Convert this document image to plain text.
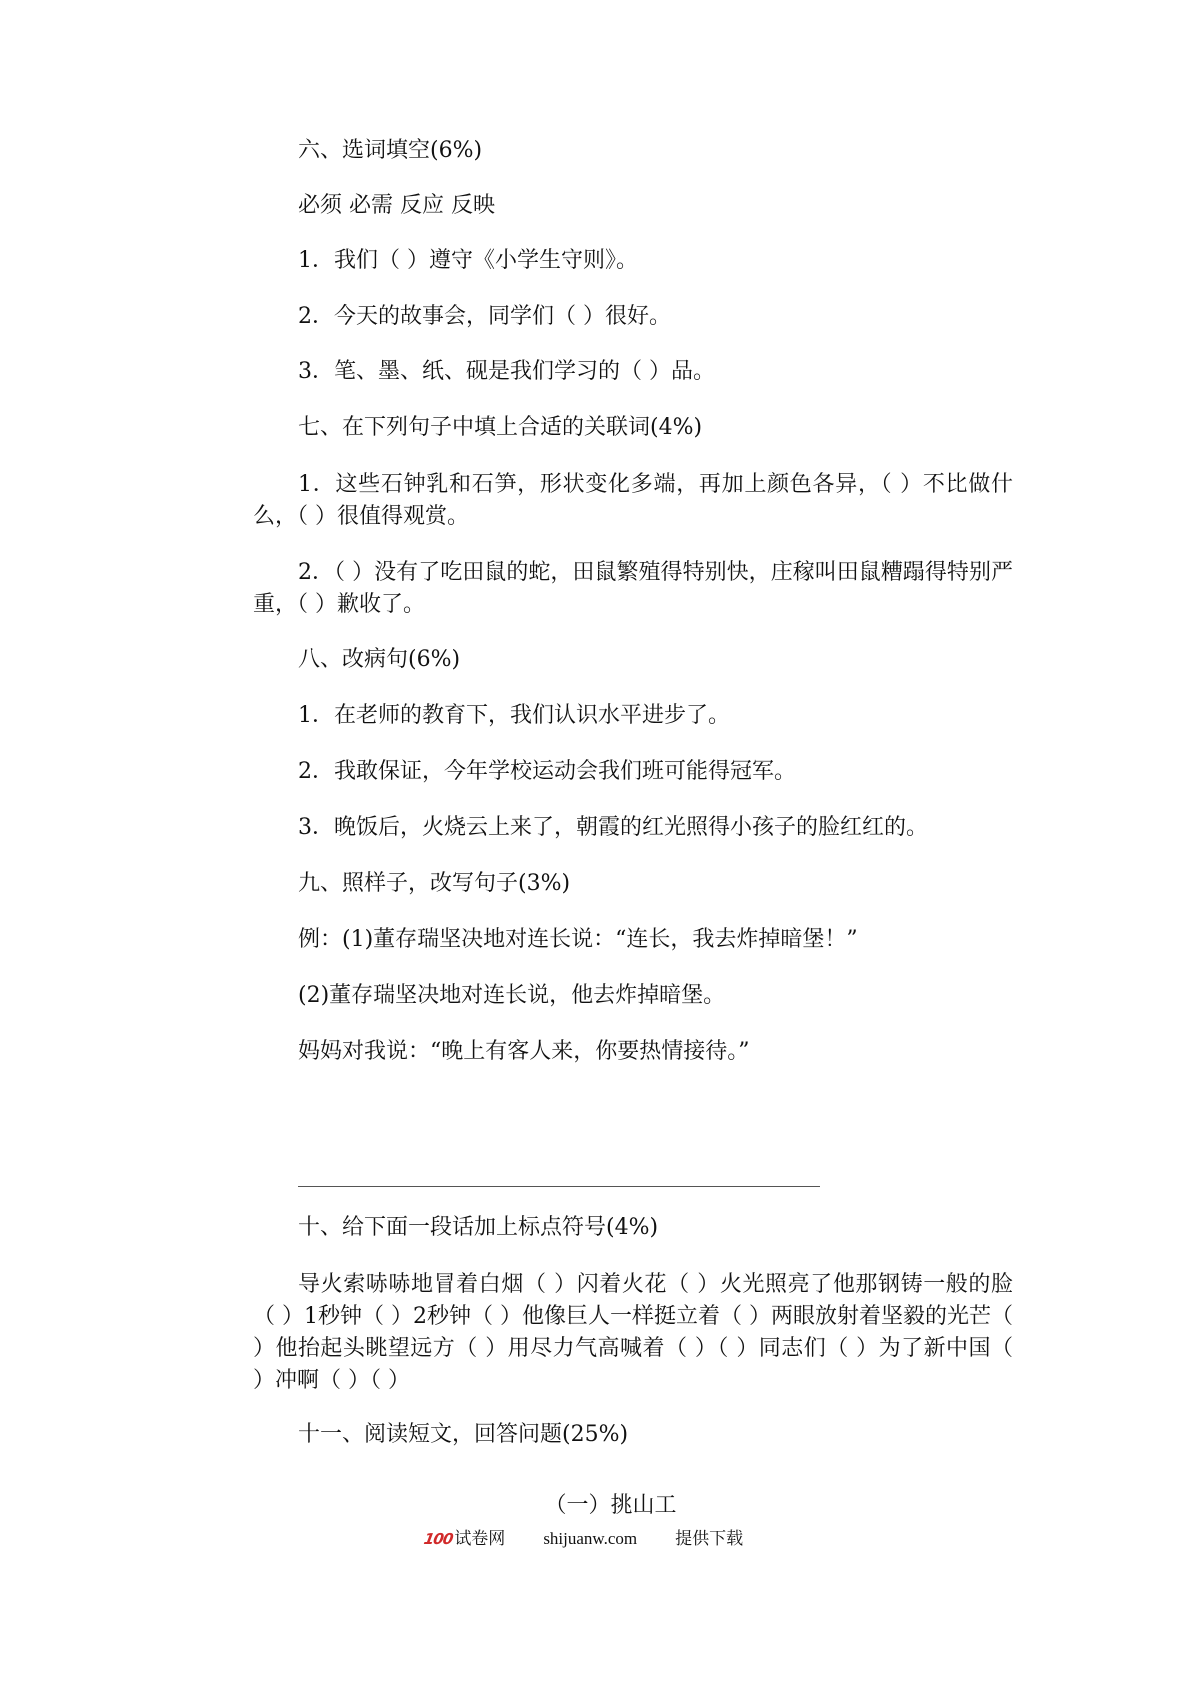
六、选词填空(6%)
必须 必需 反应 反映
1．我们（ ）遵守《小学生守则》。
2．今天的故事会，同学们（ ）很好。
3．笔、墨、纸、砚是我们学习的（ ）品。
七、在下列句子中填上合适的关联词(4%)
1．这些石钟乳和石笋，形状变化多端，再加上颜色各异，（ ）不比做什么，（ ）很值得观赏。
2．（ ）没有了吃田鼠的蛇，田鼠繁殖得特别快，庄稼叫田鼠糟蹋得特别严重，（ ）歉收了。
八、改病句(6%)
1．在老师的教育下，我们认识水平进步了。
2．我敢保证，今年学校运动会我们班可能得冠军。
3．晚饭后，火烧云上来了，朝霞的红光照得小孩子的脸红红的。
九、照样子，改写句子(3%)
例：(1)董存瑞坚决地对连长说：“连长，我去炸掉暗堡！”
(2)董存瑞坚决地对连长说，他去炸掉暗堡。
妈妈对我说：“晚上有客人来，你要热情接待。”
十、给下面一段话加上标点符号(4%)
导火索哧哧地冒着白烟（ ）闪着火花（ ）火光照亮了他那钢铸一般的脸（ ）1秒钟（ ）2秒钟（ ）他像巨人一样挺立着（ ）两眼放射着坚毅的光芒（ ）他抬起头眺望远方（ ）用尽力气高喊着（ ）（ ）同志们（ ）为了新中国（ ）冲啊（ ）（ ）
十一、阅读短文，回答问题(25%)
（一）挑山工
100试卷网 shijuanw.com 提供下载
